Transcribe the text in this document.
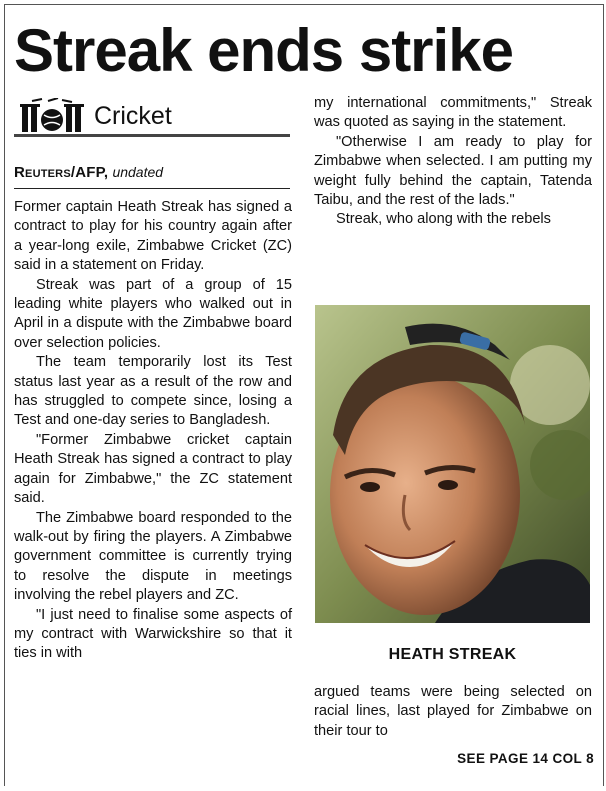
Streak ends strike
Cricket
Reuters/AFP, undated

Former captain Heath Streak has signed a contract to play for his country again after a year-long exile, Zimbabwe Cricket (ZC) said in a statement on Friday.

Streak was part of a group of 15 leading white players who walked out in April in a dispute with the Zimbabwe board over selection policies.

The team temporarily lost its Test status last year as a result of the row and has struggled to compete since, losing a Test and one-day series to Bangladesh.

"Former Zimbabwe cricket captain Heath Streak has signed a contract to play again for Zimbabwe," the ZC statement said.

The Zimbabwe board responded to the walk-out by firing the players. A Zimbabwe government committee is currently trying to resolve the dispute in meetings involving the rebel players and ZC.

"I just need to finalise some aspects of my contract with Warwickshire so that it ties in with

my international commitments," Streak was quoted as saying in the statement.

"Otherwise I am ready to play for Zimbabwe when selected. I am putting my weight fully behind the captain, Tatenda Taibu, and the rest of the lads."

Streak, who along with the rebels

HEATH STREAK

argued teams were being selected on racial lines, last played for Zimbabwe on their tour to

SEE PAGE 14 COL 8
